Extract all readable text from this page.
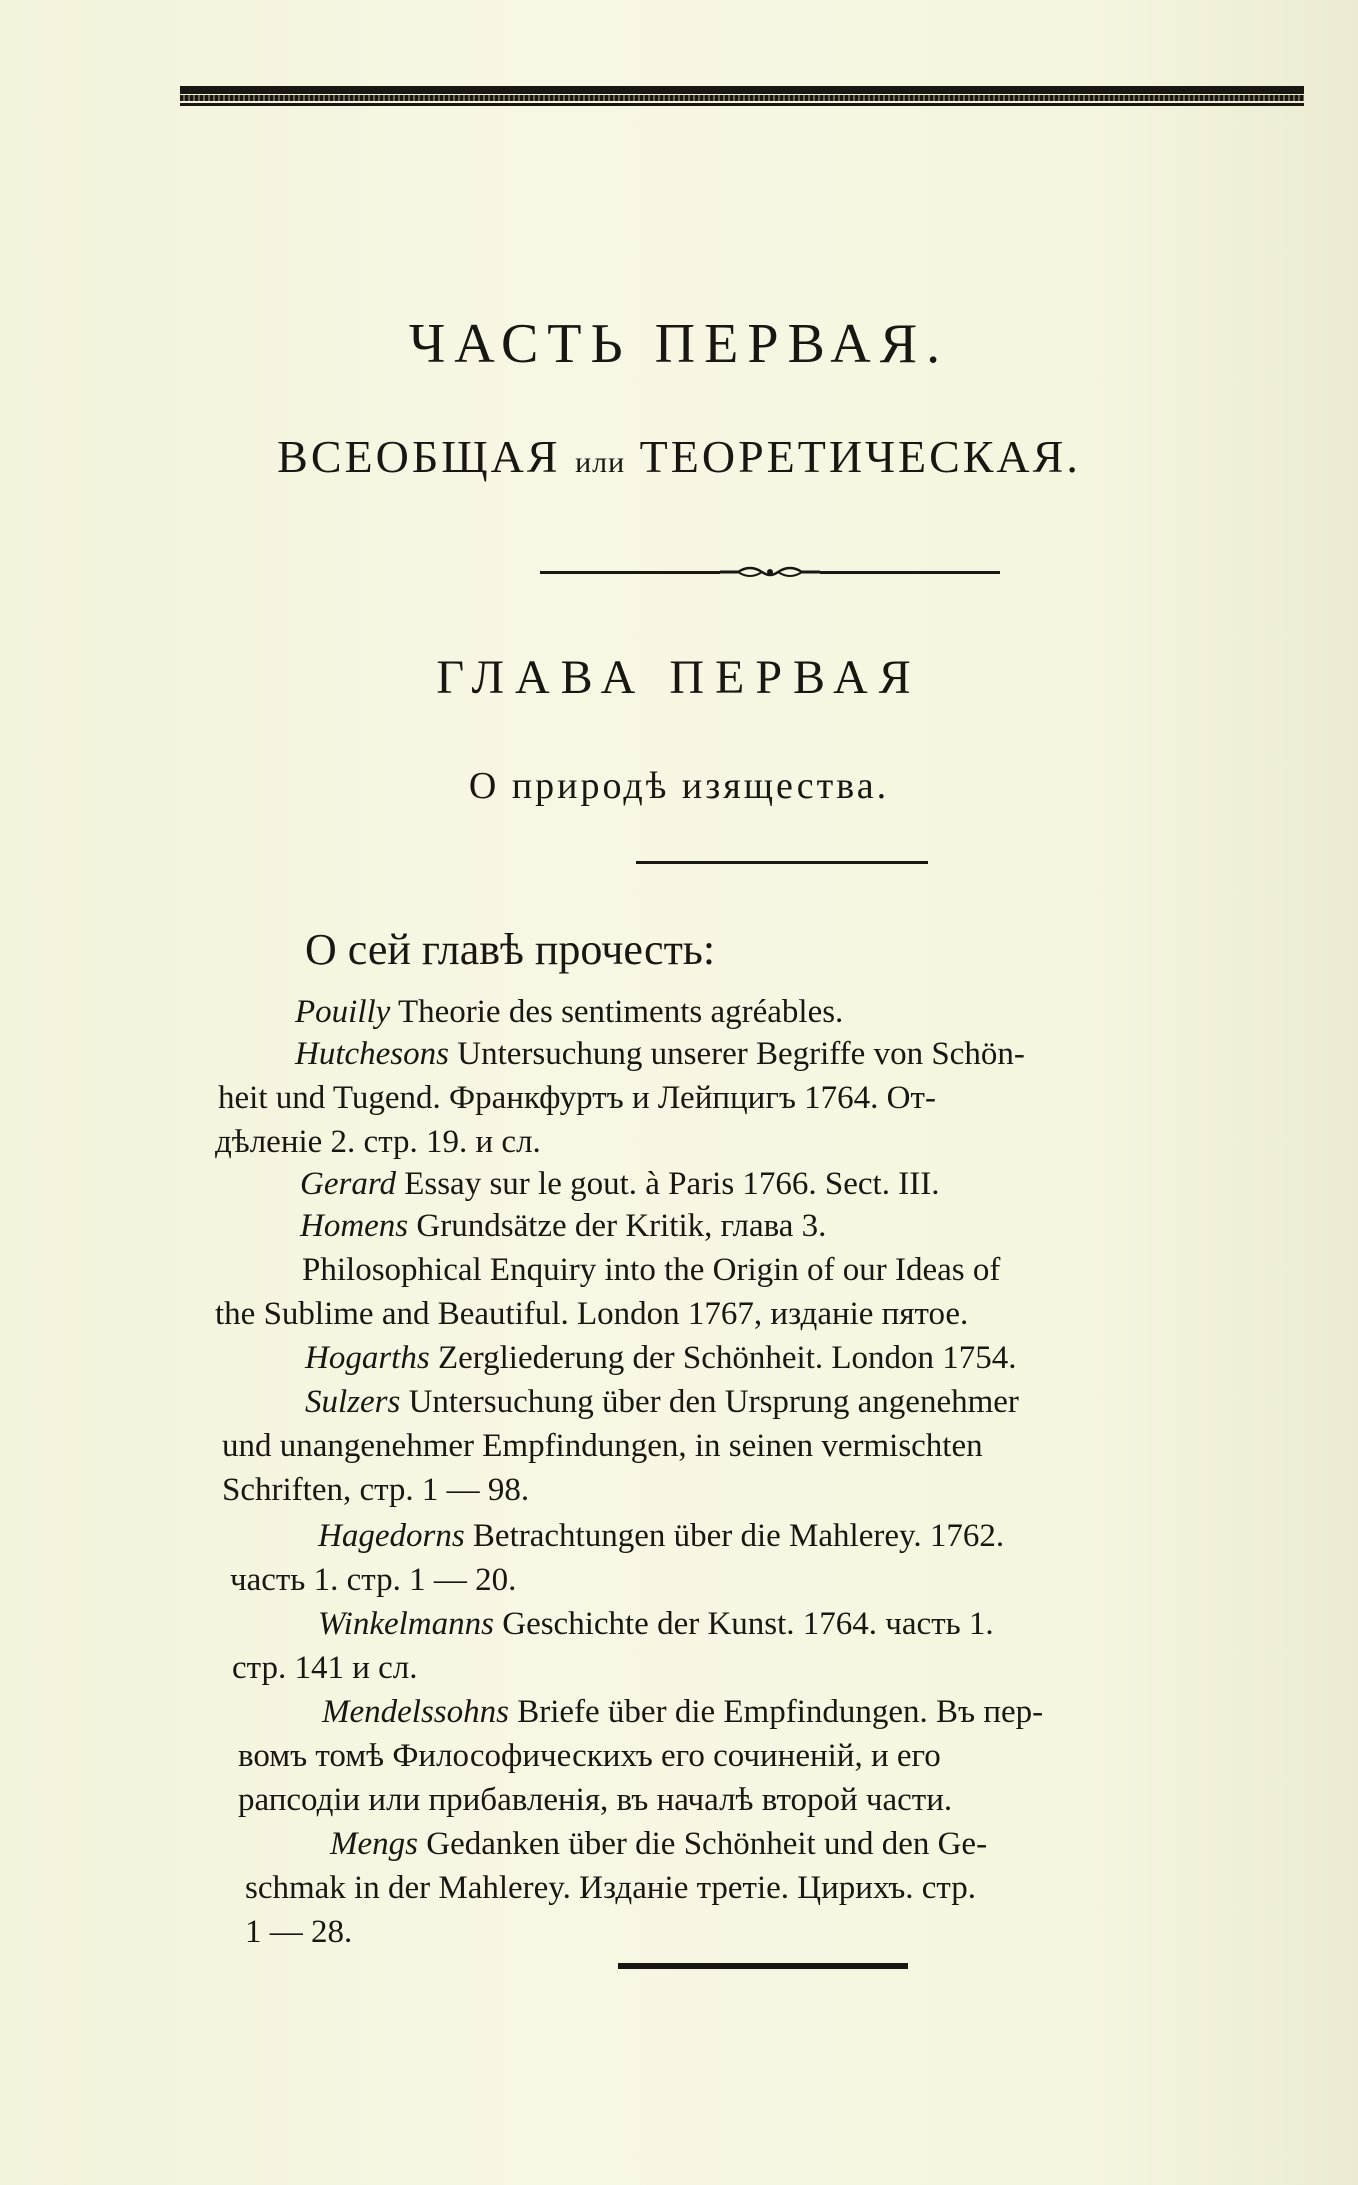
ЧАСТЬ ПЕРВАЯ.
ВСЕОБЩАЯ или ТЕОРЕТИЧЕСКАЯ.
ГЛАВА ПЕРВАЯ
О природѣ изящества.
О сей главѣ прочесть:
Pouilly Theorie des sentiments agréables.
Hutchesons Untersuchung unserer Begriffe von Schön-
heit und Tugend. Франкфуртъ и Лейпцигъ 1764. От-
дѣленіе 2. стр. 19. и сл.
Gerard Essay sur le gout. à Paris 1766. Sect. III.
Homens Grundsätze der Kritik, глава 3.
Philosophical Enquiry into the Origin of our Ideas of
the Sublime and Beautiful. London 1767, изданіе пятое.
Hogarths Zergliederung der Schönheit. London 1754.
Sulzers Untersuchung über den Ursprung angenehmer
und unangenehmer Empfindungen, in seinen vermischten
Schriften, стр. 1 — 98.
Hagedorns Betrachtungen über die Mahlerey. 1762.
часть 1. стр. 1 — 20.
Winkelmanns Geschichte der Kunst. 1764. часть 1.
стр. 141 и сл.
Mendelssohns Briefe über die Empfindungen. Въ пер-
вомъ томѣ Философическихъ его сочиненій, и его
рапсодіи или прибавленія, въ началѣ второй части.
Mengs Gedanken über die Schönheit und den Ge-
schmak in der Mahlerey. Изданіе третіе. Цирихъ. стр.
1 — 28.
